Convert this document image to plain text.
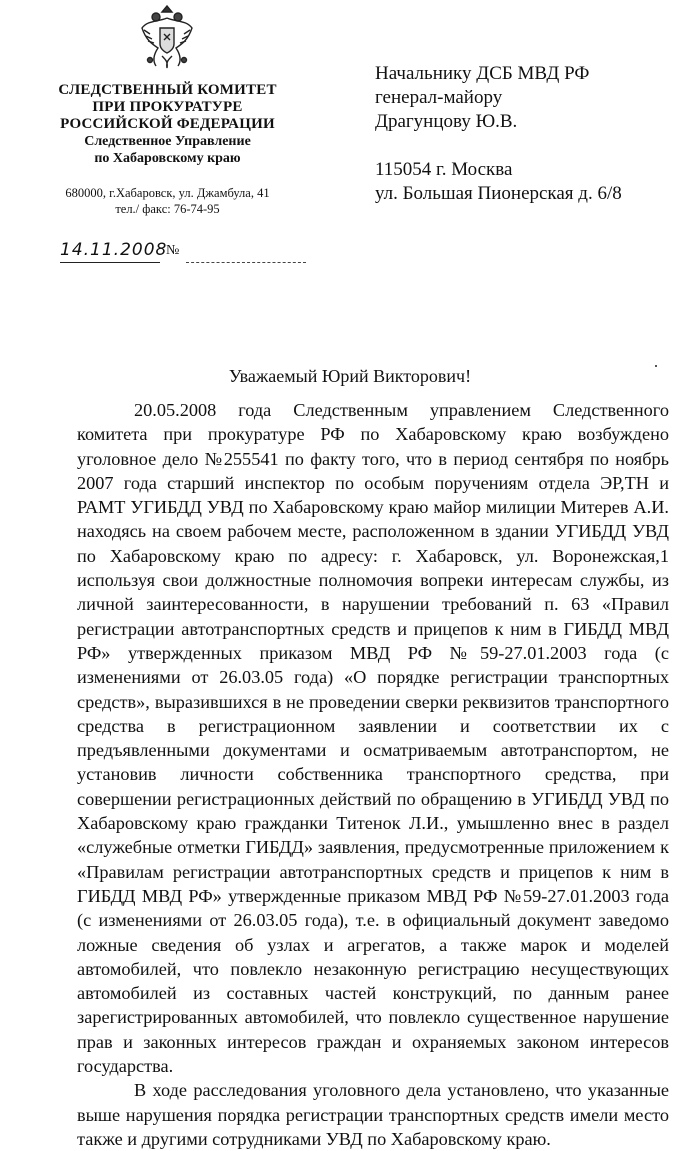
СЛЕДСТВЕННЫЙ КОМИТЕТ
ПРИ ПРОКУРАТУРЕ
РОССИЙСКОЙ ФЕДЕРАЦИИ
Следственное Управление
по Хабаровскому краю
680000, г.Хабаровск, ул. Джамбула, 41
тел./ факс: 76-74-95
14.11.2008
№
Начальнику ДСБ МВД РФ
генерал-майору
Драгунцову Ю.В.
115054 г. Москва
ул. Большая Пионерская д. 6/8
Уважаемый Юрий Викторович!

20.05.2008 года Следственным управлением Следственного комитета при прокуратуре РФ по Хабаровскому краю возбуждено уголовное дело №255541 по факту того, что в период сентября по ноябрь 2007 года старший инспектор по особым поручениям отдела ЭР,ТН и РАМТ УГИБДД УВД по Хабаровскому краю майор милиции Митерев А.И. находясь на своем рабочем месте, расположенном в здании УГИБДД УВД по Хабаровскому краю по адресу: г. Хабаровск, ул. Воронежская,1 используя свои должностные полномочия вопреки интересам службы, из личной заинтересованности, в нарушении требований п. 63 «Правил регистрации автотранспортных средств и прицепов к ним в ГИБДД МВД РФ» утвержденных приказом МВД РФ №59-27.01.2003 года (с изменениями от 26.03.05 года) «О порядке регистрации транспортных средств», выразившихся в не проведении сверки реквизитов транспортного средства в регистрационном заявлении и соответствии их с предъявленными документами и осматриваемым автотранспортом, не установив личности собственника транспортного средства, при совершении регистрационных действий по обращению в УГИБДД УВД по Хабаровскому краю гражданки Титенок Л.И., умышленно внес в раздел «служебные отметки ГИБДД» заявления, предусмотренные приложением к «Правилам регистрации автотранспортных средств и прицепов к ним в ГИБДД МВД РФ» утвержденные приказом МВД РФ №59-27.01.2003 года (с изменениями от 26.03.05 года), т.е. в официальный документ заведомо ложные сведения об узлах и агрегатов, а также марок и моделей автомобилей, что повлекло незаконную регистрацию несуществующих автомобилей из составных частей конструкций, по данным ранее зарегистрированных автомобилей, что повлекло существенное нарушение прав и законных интересов граждан и охраняемых законом интересов государства.

В ходе расследования уголовного дела установлено, что указанные выше нарушения порядка регистрации транспортных средств имели место также и другими сотрудниками УВД по Хабаровскому краю.
